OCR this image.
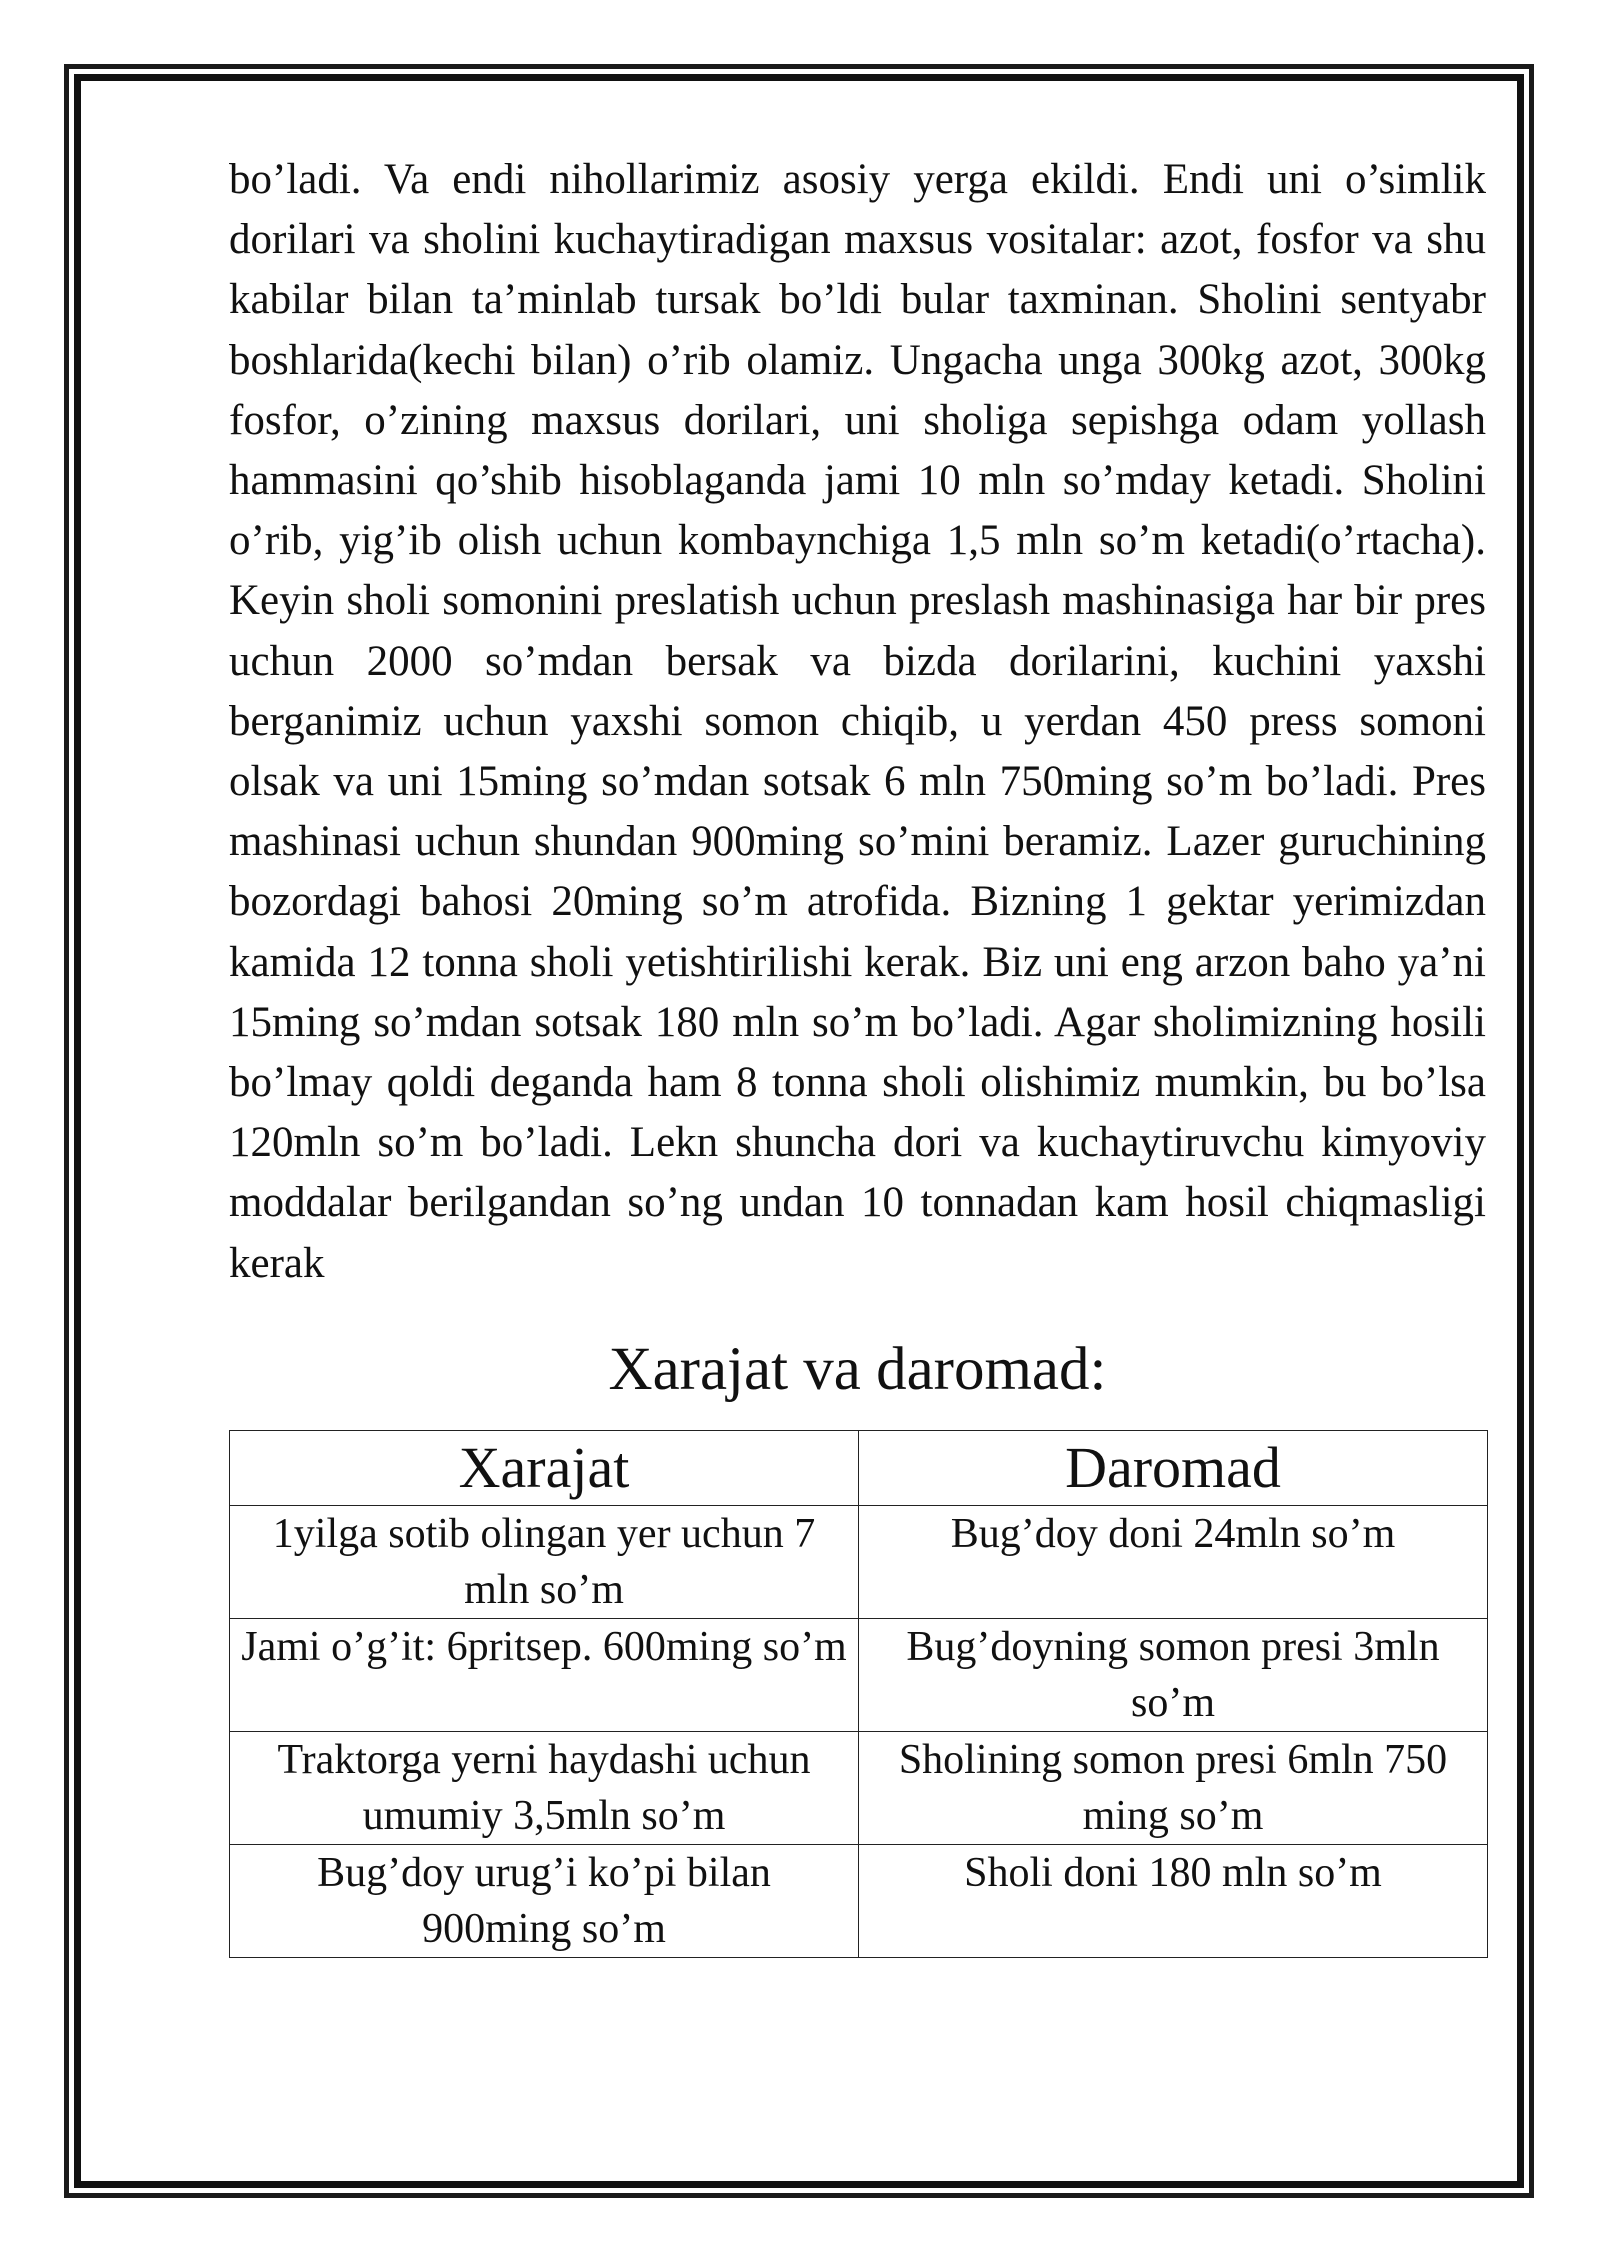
bo’ladi. Va endi nihollarimiz asosiy yerga ekildi. Endi uni o’simlik dorilari va sholini kuchaytiradigan maxsus vositalar: azot, fosfor va shu kabilar bilan ta’minlab tursak bo’ldi bular taxminan. Sholini sentyabr boshlarida(kechi bilan) o’rib olamiz. Ungacha unga 300kg azot, 300kg fosfor, o’zining maxsus dorilari, uni sholiga sepishga odam yollash hammasini qo’shib hisoblaganda jami 10 mln so’mday ketadi. Sholini o’rib, yig’ib olish uchun kombaynchiga 1,5 mln so’m ketadi(o’rtacha). Keyin sholi somonini preslatish uchun preslash mashinasiga har bir pres uchun 2000 so’mdan bersak va bizda dorilarini, kuchini yaxshi berganimiz uchun yaxshi somon chiqib, u yerdan 450 press somoni olsak va uni 15ming so’mdan sotsak 6 mln 750ming so’m bo’ladi. Pres mashinasi uchun shundan 900ming so’mini beramiz. Lazer guruchining bozordagi bahosi 20ming so’m atrofida. Bizning 1 gektar yerimizdan kamida 12 tonna sholi yetishtirilishi kerak. Biz uni eng arzon baho ya’ni 15ming so’mdan sotsak 180 mln so’m bo’ladi. Agar sholimizning hosili bo’lmay qoldi deganda ham 8 tonna sholi olishimiz mumkin, bu bo’lsa 120mln so’m bo’ladi. Lekn shuncha dori va kuchaytiruvchu kimyoviy moddalar berilgandan so’ng undan 10 tonnadan kam hosil chiqmasligi kerak

Xarajat va daromad:
Xarajat	Daromad
1yilga sotib olingan yer uchun 7 mln so’m	Bug’doy doni 24mln so’m
Jami o’g’it: 6pritsep. 600ming so’m	Bug’doyning somon presi 3mln so’m
Traktorga yerni haydashi uchun umumiy 3,5mln so’m	Sholining somon presi 6mln 750 ming so’m
Bug’doy urug’i ko’pi bilan 900ming so’m	Sholi doni 180 mln so’m
